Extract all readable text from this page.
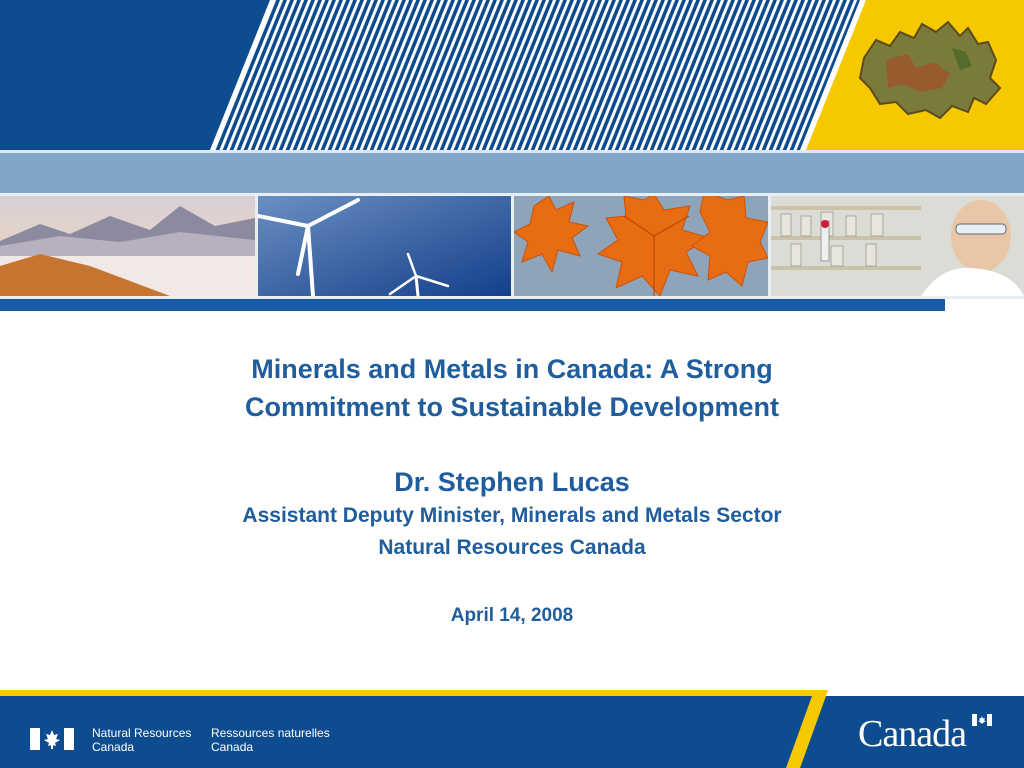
Minerals and Metals in Canada: A Strong
Commitment to Sustainable Development
Dr. Stephen Lucas
Assistant Deputy Minister, Minerals and Metals Sector
Natural Resources Canada
April 14, 2008
Natural Resources
Canada
Ressources naturelles
Canada	Canada
